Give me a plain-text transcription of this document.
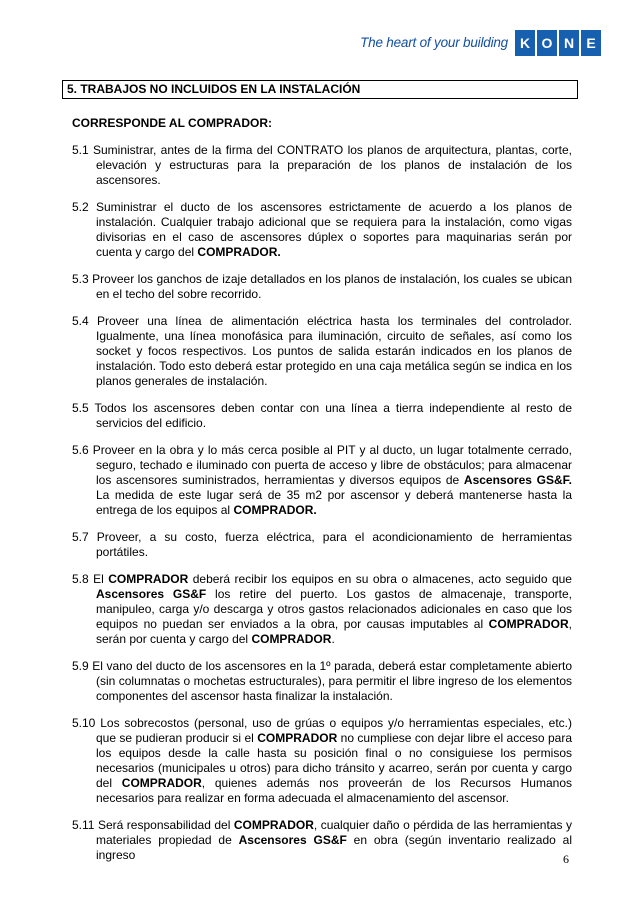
The heart of your building K O N E
5. TRABAJOS NO INCLUIDOS EN LA INSTALACIÓN
CORRESPONDE AL COMPRADOR:
5.1 Suministrar, antes de la firma del CONTRATO los planos de arquitectura, plantas, corte, elevación y estructuras para la preparación de los planos de instalación de los ascensores.
5.2 Suministrar el ducto de los ascensores estrictamente de acuerdo a los planos de instalación. Cualquier trabajo adicional que se requiera para la instalación, como vigas divisorias en el caso de ascensores dúplex o soportes para maquinarias serán por cuenta y cargo del COMPRADOR.
5.3 Proveer los ganchos de izaje detallados en los planos de instalación, los cuales se ubican en el techo del sobre recorrido.
5.4 Proveer una línea de alimentación eléctrica hasta los terminales del controlador. Igualmente, una línea monofásica para iluminación, circuito de señales, así como los socket y focos respectivos. Los puntos de salida estarán indicados en los planos de instalación. Todo esto deberá estar protegido en una caja metálica según se indica en los planos generales de instalación.
5.5 Todos los ascensores deben contar con una línea a tierra independiente al resto de servicios del edificio.
5.6 Proveer en la obra y lo más cerca posible al PIT y al ducto, un lugar totalmente cerrado, seguro, techado e iluminado con puerta de acceso y libre de obstáculos; para almacenar los ascensores suministrados, herramientas y diversos equipos de Ascensores GS&F. La medida de este lugar será de 35 m2 por ascensor y deberá mantenerse hasta la entrega de los equipos al COMPRADOR.
5.7 Proveer, a su costo, fuerza eléctrica, para el acondicionamiento de herramientas portátiles.
5.8 El COMPRADOR deberá recibir los equipos en su obra o almacenes, acto seguido que Ascensores GS&F los retire del puerto. Los gastos de almacenaje, transporte, manipuleo, carga y/o descarga y otros gastos relacionados adicionales en caso que los equipos no puedan ser enviados a la obra, por causas imputables al COMPRADOR, serán por cuenta y cargo del COMPRADOR.
5.9 El vano del ducto de los ascensores en la 1º parada, deberá estar completamente abierto (sin columnatas o mochetas estructurales), para permitir el libre ingreso de los elementos componentes del ascensor hasta finalizar la instalación.
5.10 Los sobrecostos (personal, uso de grúas o equipos y/o herramientas especiales, etc.) que se pudieran producir si el COMPRADOR no cumpliese con dejar libre el acceso para los equipos desde la calle hasta su posición final o no consiguiese los permisos necesarios (municipales u otros) para dicho tránsito y acarreo, serán por cuenta y cargo del COMPRADOR, quienes además nos proveerán de los Recursos Humanos necesarios para realizar en forma adecuada el almacenamiento del ascensor.
5.11 Será responsabilidad del COMPRADOR, cualquier daño o pérdida de las herramientas y materiales propiedad de Ascensores GS&F en obra (según inventario realizado al ingreso	6
